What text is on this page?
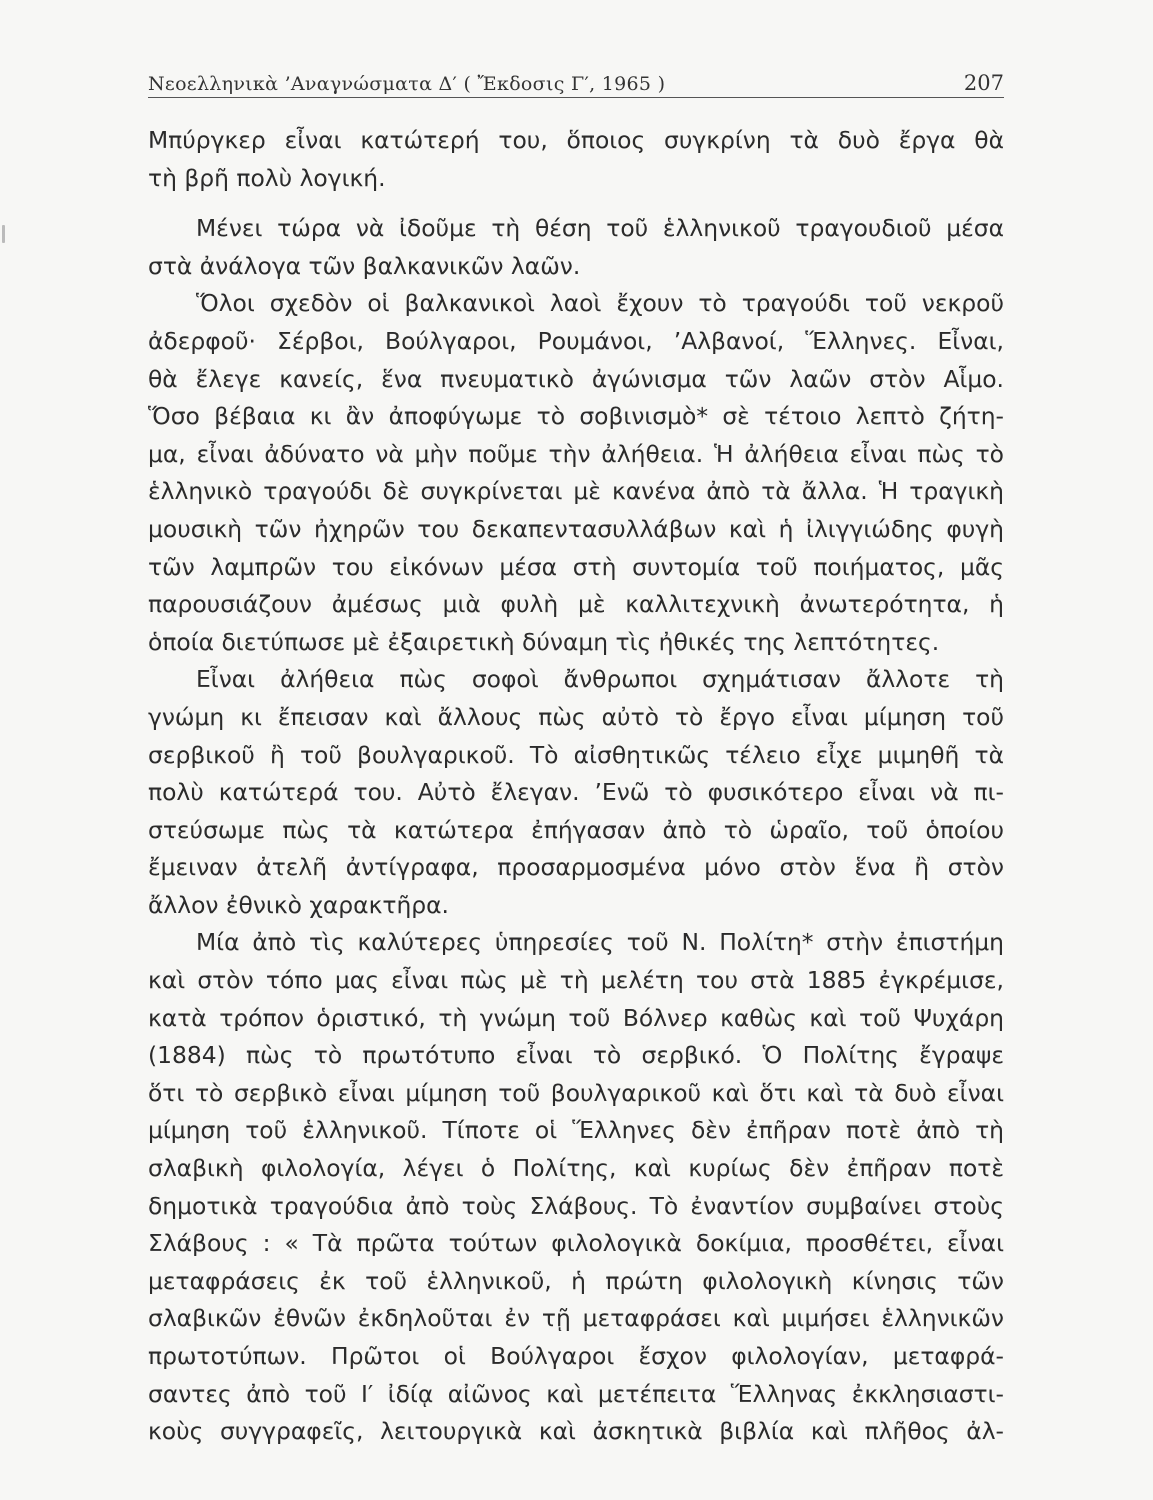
Νεοελληνικὰ ’Αναγνώσματα Δ′ ( Ἔκδοσις Γ′, 1965 )	207
Μπύργκερ εἶναι κατώτερή του, ὅποιος συγκρίνη τὰ δυὸ ἔργα θὰ
τὴ βρῆ πολὺ λογική.
Μένει τώρα νὰ ἰδοῦμε τὴ θέση τοῦ ἑλληνικοῦ τραγουδιοῦ μέσα
στὰ ἀνάλογα τῶν βαλκανικῶν λαῶν.
Ὅλοι σχεδὸν οἱ βαλκανικοὶ λαοὶ ἔχουν τὸ τραγούδι τοῦ νεκροῦ
ἀδερφοῦ· Σέρβοι, Βούλγαροι, Ρουμάνοι, ’Αλβανοί, Ἕλληνες. Εἶναι,
θὰ ἔλεγε κανείς, ἕνα πνευματικὸ ἀγώνισμα τῶν λαῶν στὸν Αἷμο.
Ὅσο βέβαια κι ἂν ἀποφύγωμε τὸ σοβινισμὸ* σὲ τέτοιο λεπτὸ ζήτη-
μα, εἶναι ἀδύνατο νὰ μὴν ποῦμε τὴν ἀλήθεια. Ἡ ἀλήθεια εἶναι πὼς τὸ
ἑλληνικὸ τραγούδι δὲ συγκρίνεται μὲ κανένα ἀπὸ τὰ ἄλλα. Ἡ τραγικὴ
μουσικὴ τῶν ἠχηρῶν του δεκαπεντασυλλάβων καὶ ἡ ἰλιγγιώδης φυγὴ
τῶν λαμπρῶν του εἰκόνων μέσα στὴ συντομία τοῦ ποιήματος, μᾶς
παρουσιάζουν ἀμέσως μιὰ φυλὴ μὲ καλλιτεχνικὴ ἀνωτερότητα, ἡ
ὁποία διετύπωσε μὲ ἐξαιρετικὴ δύναμη τὶς ἠθικές της λεπτότητες.
Εἶναι ἀλήθεια πὼς σοφοὶ ἄνθρωποι σχημάτισαν ἄλλοτε τὴ
γνώμη κι ἔπεισαν καὶ ἄλλους πὼς αὐτὸ τὸ ἔργο εἶναι μίμηση τοῦ
σερβικοῦ ἢ τοῦ βουλγαρικοῦ. Τὸ αἰσθητικῶς τέλειο εἶχε μιμηθῆ τὰ
πολὺ κατώτερά του. Αὐτὸ ἔλεγαν. ’Ενῶ τὸ φυσικότερο εἶναι νὰ πι-
στεύσωμε πὼς τὰ κατώτερα ἐπήγασαν ἀπὸ τὸ ὡραῖο, τοῦ ὁποίου
ἔμειναν ἀτελῆ ἀντίγραφα, προσαρμοσμένα μόνο στὸν ἕνα ἢ στὸν
ἄλλον ἐθνικὸ χαρακτῆρα.
Μία ἀπὸ τὶς καλύτερες ὑπηρεσίες τοῦ Ν. Πολίτη* στὴν ἐπιστήμη
καὶ στὸν τόπο μας εἶναι πὼς μὲ τὴ μελέτη του στὰ 1885 ἐγκρέμισε,
κατὰ τρόπον ὁριστικό, τὴ γνώμη τοῦ Βόλνερ καθὼς καὶ τοῦ Ψυχάρη
(1884) πὼς τὸ πρωτότυπο εἶναι τὸ σερβικό. Ὁ Πολίτης ἔγραψε
ὅτι τὸ σερβικὸ εἶναι μίμηση τοῦ βουλγαρικοῦ καὶ ὅτι καὶ τὰ δυὸ εἶναι
μίμηση τοῦ ἑλληνικοῦ. Τίποτε οἱ Ἕλληνες δὲν ἐπῆραν ποτὲ ἀπὸ τὴ
σλαβικὴ φιλολογία, λέγει ὁ Πολίτης, καὶ κυρίως δὲν ἐπῆραν ποτὲ
δημοτικὰ τραγούδια ἀπὸ τοὺς Σλάβους. Τὸ ἐναντίον συμβαίνει στοὺς
Σλάβους : « Τὰ πρῶτα τούτων φιλολογικὰ δοκίμια, προσθέτει, εἶναι
μεταφράσεις ἐκ τοῦ ἑλληνικοῦ, ἡ πρώτη φιλολογικὴ κίνησις τῶν
σλαβικῶν ἐθνῶν ἐκδηλοῦται ἐν τῇ μεταφράσει καὶ μιμήσει ἑλληνικῶν
πρωτοτύπων. Πρῶτοι οἱ Βούλγαροι ἔσχον φιλολογίαν, μεταφρά-
σαντες ἀπὸ τοῦ Ι′ ἰδίᾳ αἰῶνος καὶ μετέπειτα Ἕλληνας ἐκκλησιαστι-
κοὺς συγγραφεῖς, λειτουργικὰ καὶ ἀσκητικὰ βιβλία καὶ πλῆθος ἀλ-
